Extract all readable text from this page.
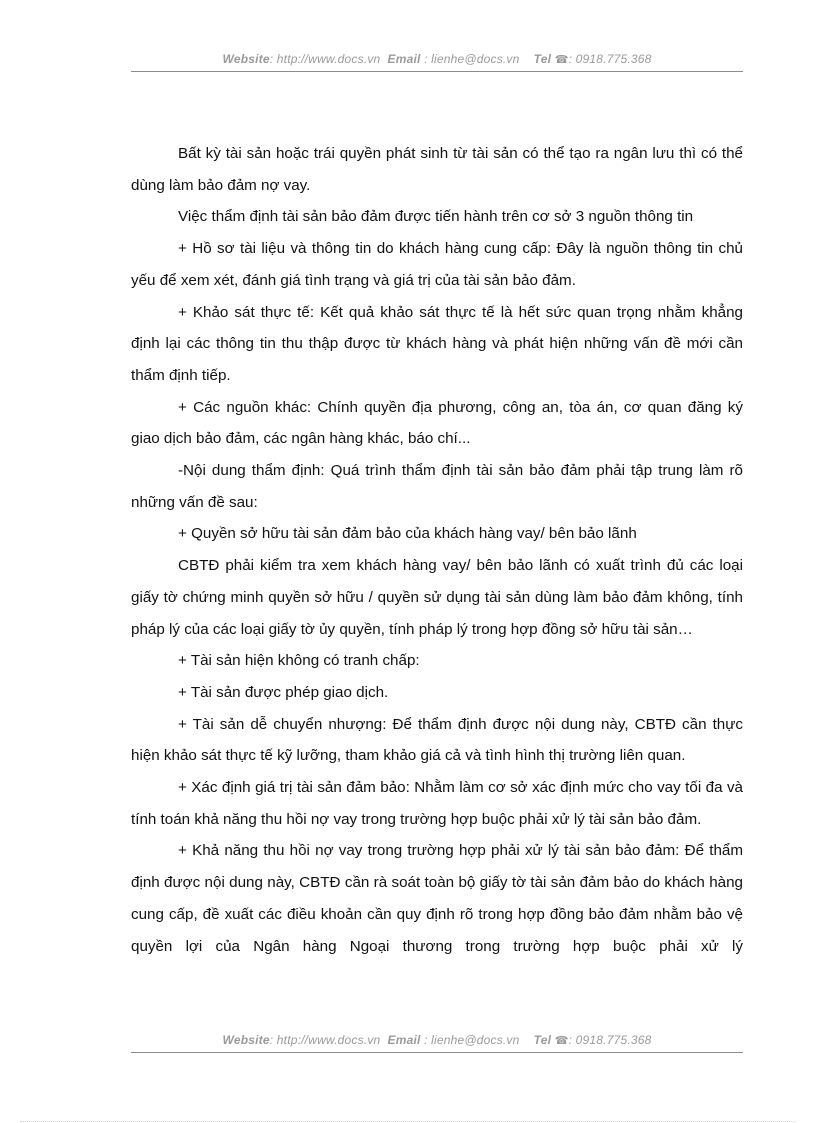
Website: http://www.docs.vn Email : lienhe@docs.vn Tel ☎: 0918.775.368

Bất kỳ tài sản hoặc trái quyền phát sinh từ tài sản có thể tạo ra ngân lưu thì có thể dùng làm bảo đảm nợ vay.

Việc thẩm định tài sản bảo đảm được tiến hành trên cơ sở 3 nguồn thông tin

+ Hồ sơ tài liệu và thông tin do khách hàng cung cấp: Đây là nguồn thông tin chủ yếu để xem xét, đánh giá tình trạng và giá trị của tài sản bảo đảm.

+ Khảo sát thực tế: Kết quả khảo sát thực tế là hết sức quan trọng nhằm khẳng định lại các thông tin thu thập được từ khách hàng và phát hiện những vấn đề mới cần thẩm định tiếp.

+ Các nguồn khác: Chính quyền địa phương, công an, tòa án, cơ quan đăng ký giao dịch bảo đảm, các ngân hàng khác, báo chí...

-Nội dung thẩm định: Quá trình thẩm định tài sản bảo đảm phải tập trung làm rõ những vấn đề sau:

+ Quyền sở hữu tài sản đảm bảo của khách hàng vay/ bên bảo lãnh

CBTĐ phải kiểm tra xem khách hàng vay/ bên bảo lãnh có xuất trình đủ các loại giấy tờ chứng minh quyền sở hữu / quyền sử dụng tài sản dùng làm bảo đảm không, tính pháp lý của các loại giấy tờ ủy quyền, tính pháp lý trong hợp đồng sở hữu tài sản…

+ Tài sản hiện không có tranh chấp:

+ Tài sản được phép giao dịch.

+ Tài sản dễ chuyển nhượng: Để thẩm định được nội dung này, CBTĐ cần thực hiện khảo sát thực tế kỹ lưỡng, tham khảo giá cả và tình hình thị trường liên quan.

+ Xác định giá trị tài sản đảm bảo: Nhằm làm cơ sở xác định mức cho vay tối đa và tính toán khả năng thu hồi nợ vay trong trường hợp buộc phải xử lý tài sản bảo đảm.

+ Khả năng thu hồi nợ vay trong trường hợp phải xử lý tài sản bảo đảm: Để thẩm định được nội dung này, CBTĐ cần rà soát toàn bộ giấy tờ tài sản đảm bảo do khách hàng cung cấp, đề xuất các điều khoản cần quy định rõ trong hợp đồng bảo đảm nhằm bảo vệ quyền lợi của Ngân hàng Ngoại thương trong trường hợp buộc phải xử lý

Website: http://www.docs.vn Email : lienhe@docs.vn Tel ☎: 0918.775.368
